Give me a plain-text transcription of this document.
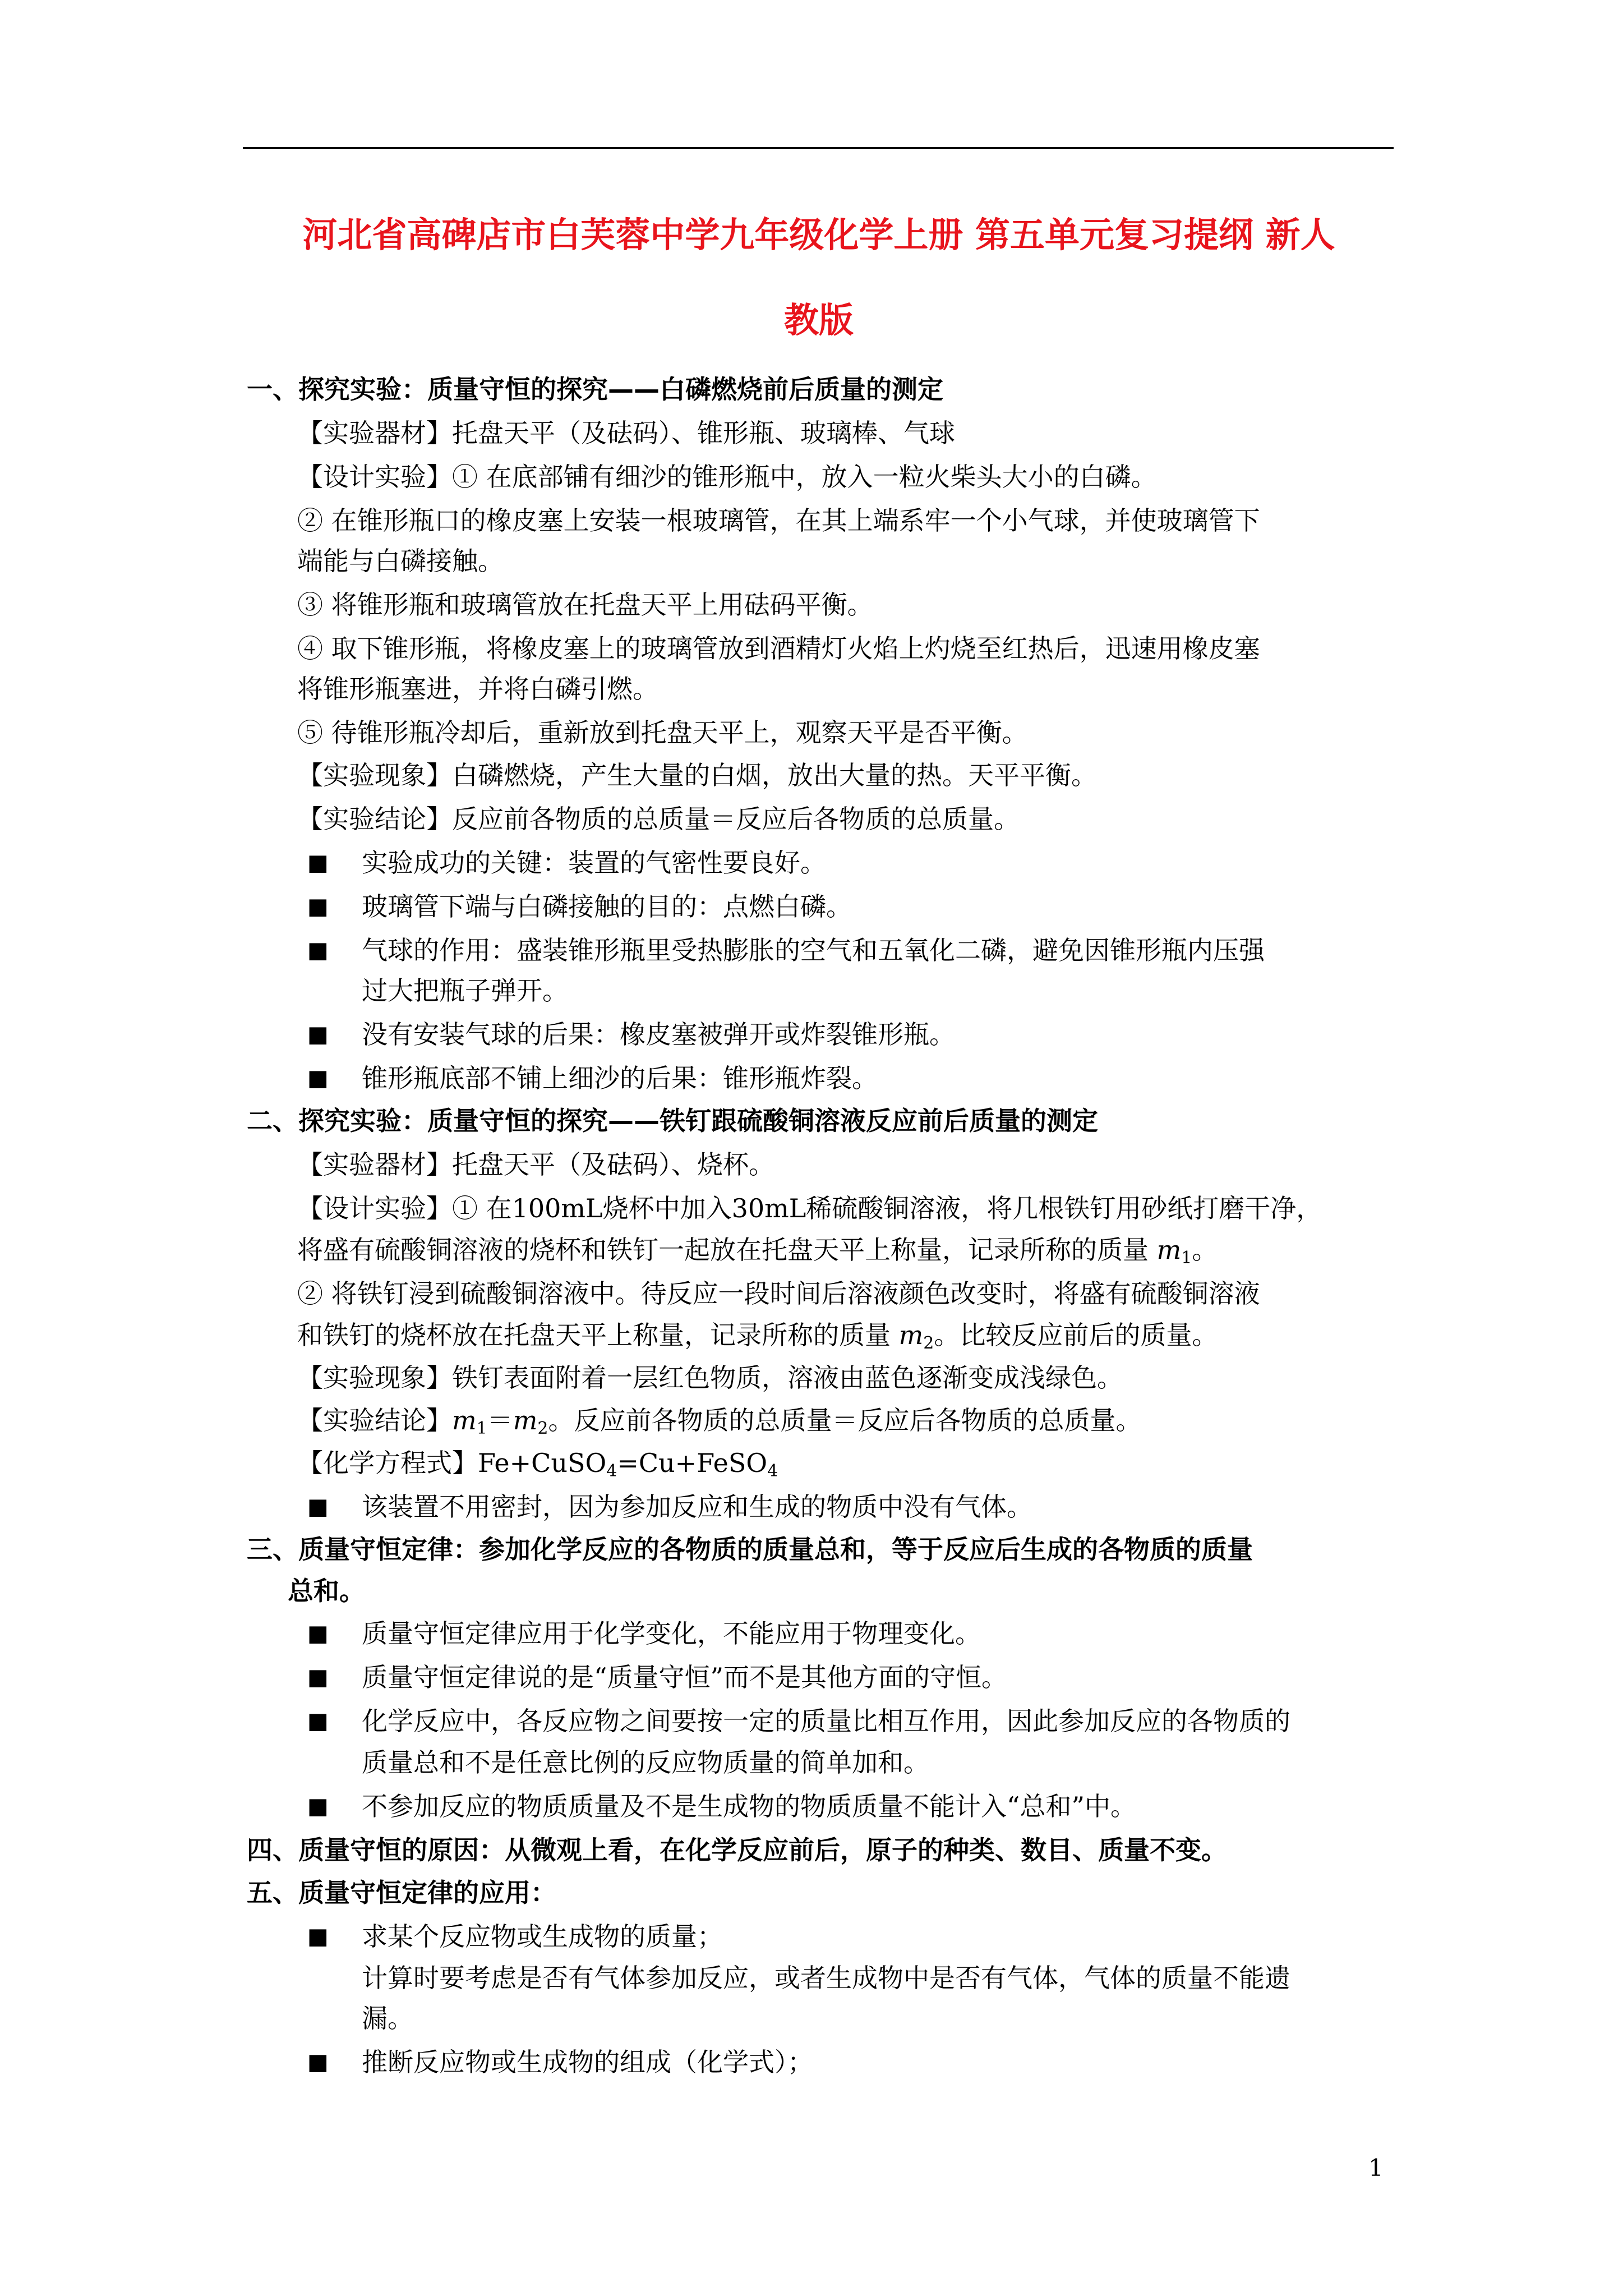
河北省高碑店市白芙蓉中学九年级化学上册 第五单元复习提纲 新人
教版
一、探究实验：质量守恒的探究——白磷燃烧前后质量的测定
【实验器材】托盘天平（及砝码）、锥形瓶、玻璃棒、气球
【设计实验】① 在底部铺有细沙的锥形瓶中，放入一粒火柴头大小的白磷。
② 在锥形瓶口的橡皮塞上安装一根玻璃管，在其上端系牢一个小气球，并使玻璃管下
端能与白磷接触。
③ 将锥形瓶和玻璃管放在托盘天平上用砝码平衡。
④ 取下锥形瓶，将橡皮塞上的玻璃管放到酒精灯火焰上灼烧至红热后，迅速用橡皮塞
将锥形瓶塞进，并将白磷引燃。
⑤ 待锥形瓶冷却后，重新放到托盘天平上，观察天平是否平衡。
【实验现象】白磷燃烧，产生大量的白烟，放出大量的热。天平平衡。
【实验结论】反应前各物质的总质量＝反应后各物质的总质量。
■ 实验成功的关键：装置的气密性要良好。
■ 玻璃管下端与白磷接触的目的：点燃白磷。
■ 气球的作用：盛装锥形瓶里受热膨胀的空气和五氧化二磷，避免因锥形瓶内压强
过大把瓶子弹开。
■ 没有安装气球的后果：橡皮塞被弹开或炸裂锥形瓶。
■ 锥形瓶底部不铺上细沙的后果：锥形瓶炸裂。
二、探究实验：质量守恒的探究——铁钉跟硫酸铜溶液反应前后质量的测定
【实验器材】托盘天平（及砝码）、烧杯。
【设计实验】① 在100mL烧杯中加入30mL稀硫酸铜溶液，将几根铁钉用砂纸打磨干净，
将盛有硫酸铜溶液的烧杯和铁钉一起放在托盘天平上称量，记录所称的质量 $m_1$。
② 将铁钉浸到硫酸铜溶液中。待反应一段时间后溶液颜色改变时，将盛有硫酸铜溶液
和铁钉的烧杯放在托盘天平上称量，记录所称的质量 $m_2$。比较反应前后的质量。
【实验现象】铁钉表面附着一层红色物质，溶液由蓝色逐渐变成浅绿色。
【实验结论】$m_1=m_2$。反应前各物质的总质量＝反应后各物质的总质量。
【化学方程式】Fe+CuSO$_4$=Cu+FeSO$_4$
■ 该装置不用密封，因为参加反应和生成的物质中没有气体。
三、质量守恒定律：参加化学反应的各物质的质量总和，等于反应后生成的各物质的质量
总和。
■ 质量守恒定律应用于化学变化，不能应用于物理变化。
■ 质量守恒定律说的是“质量守恒”而不是其他方面的守恒。
■ 化学反应中，各反应物之间要按一定的质量比相互作用，因此参加反应的各物质的
质量总和不是任意比例的反应物质量的简单加和。
■ 不参加反应的物质质量及不是生成物的物质质量不能计入“总和”中。
四、质量守恒的原因：从微观上看，在化学反应前后，原子的种类、数目、质量不变。
五、质量守恒定律的应用：
■ 求某个反应物或生成物的质量；
计算时要考虑是否有气体参加反应，或者生成物中是否有气体，气体的质量不能遗
漏。
■ 推断反应物或生成物的组成（化学式）；
1
